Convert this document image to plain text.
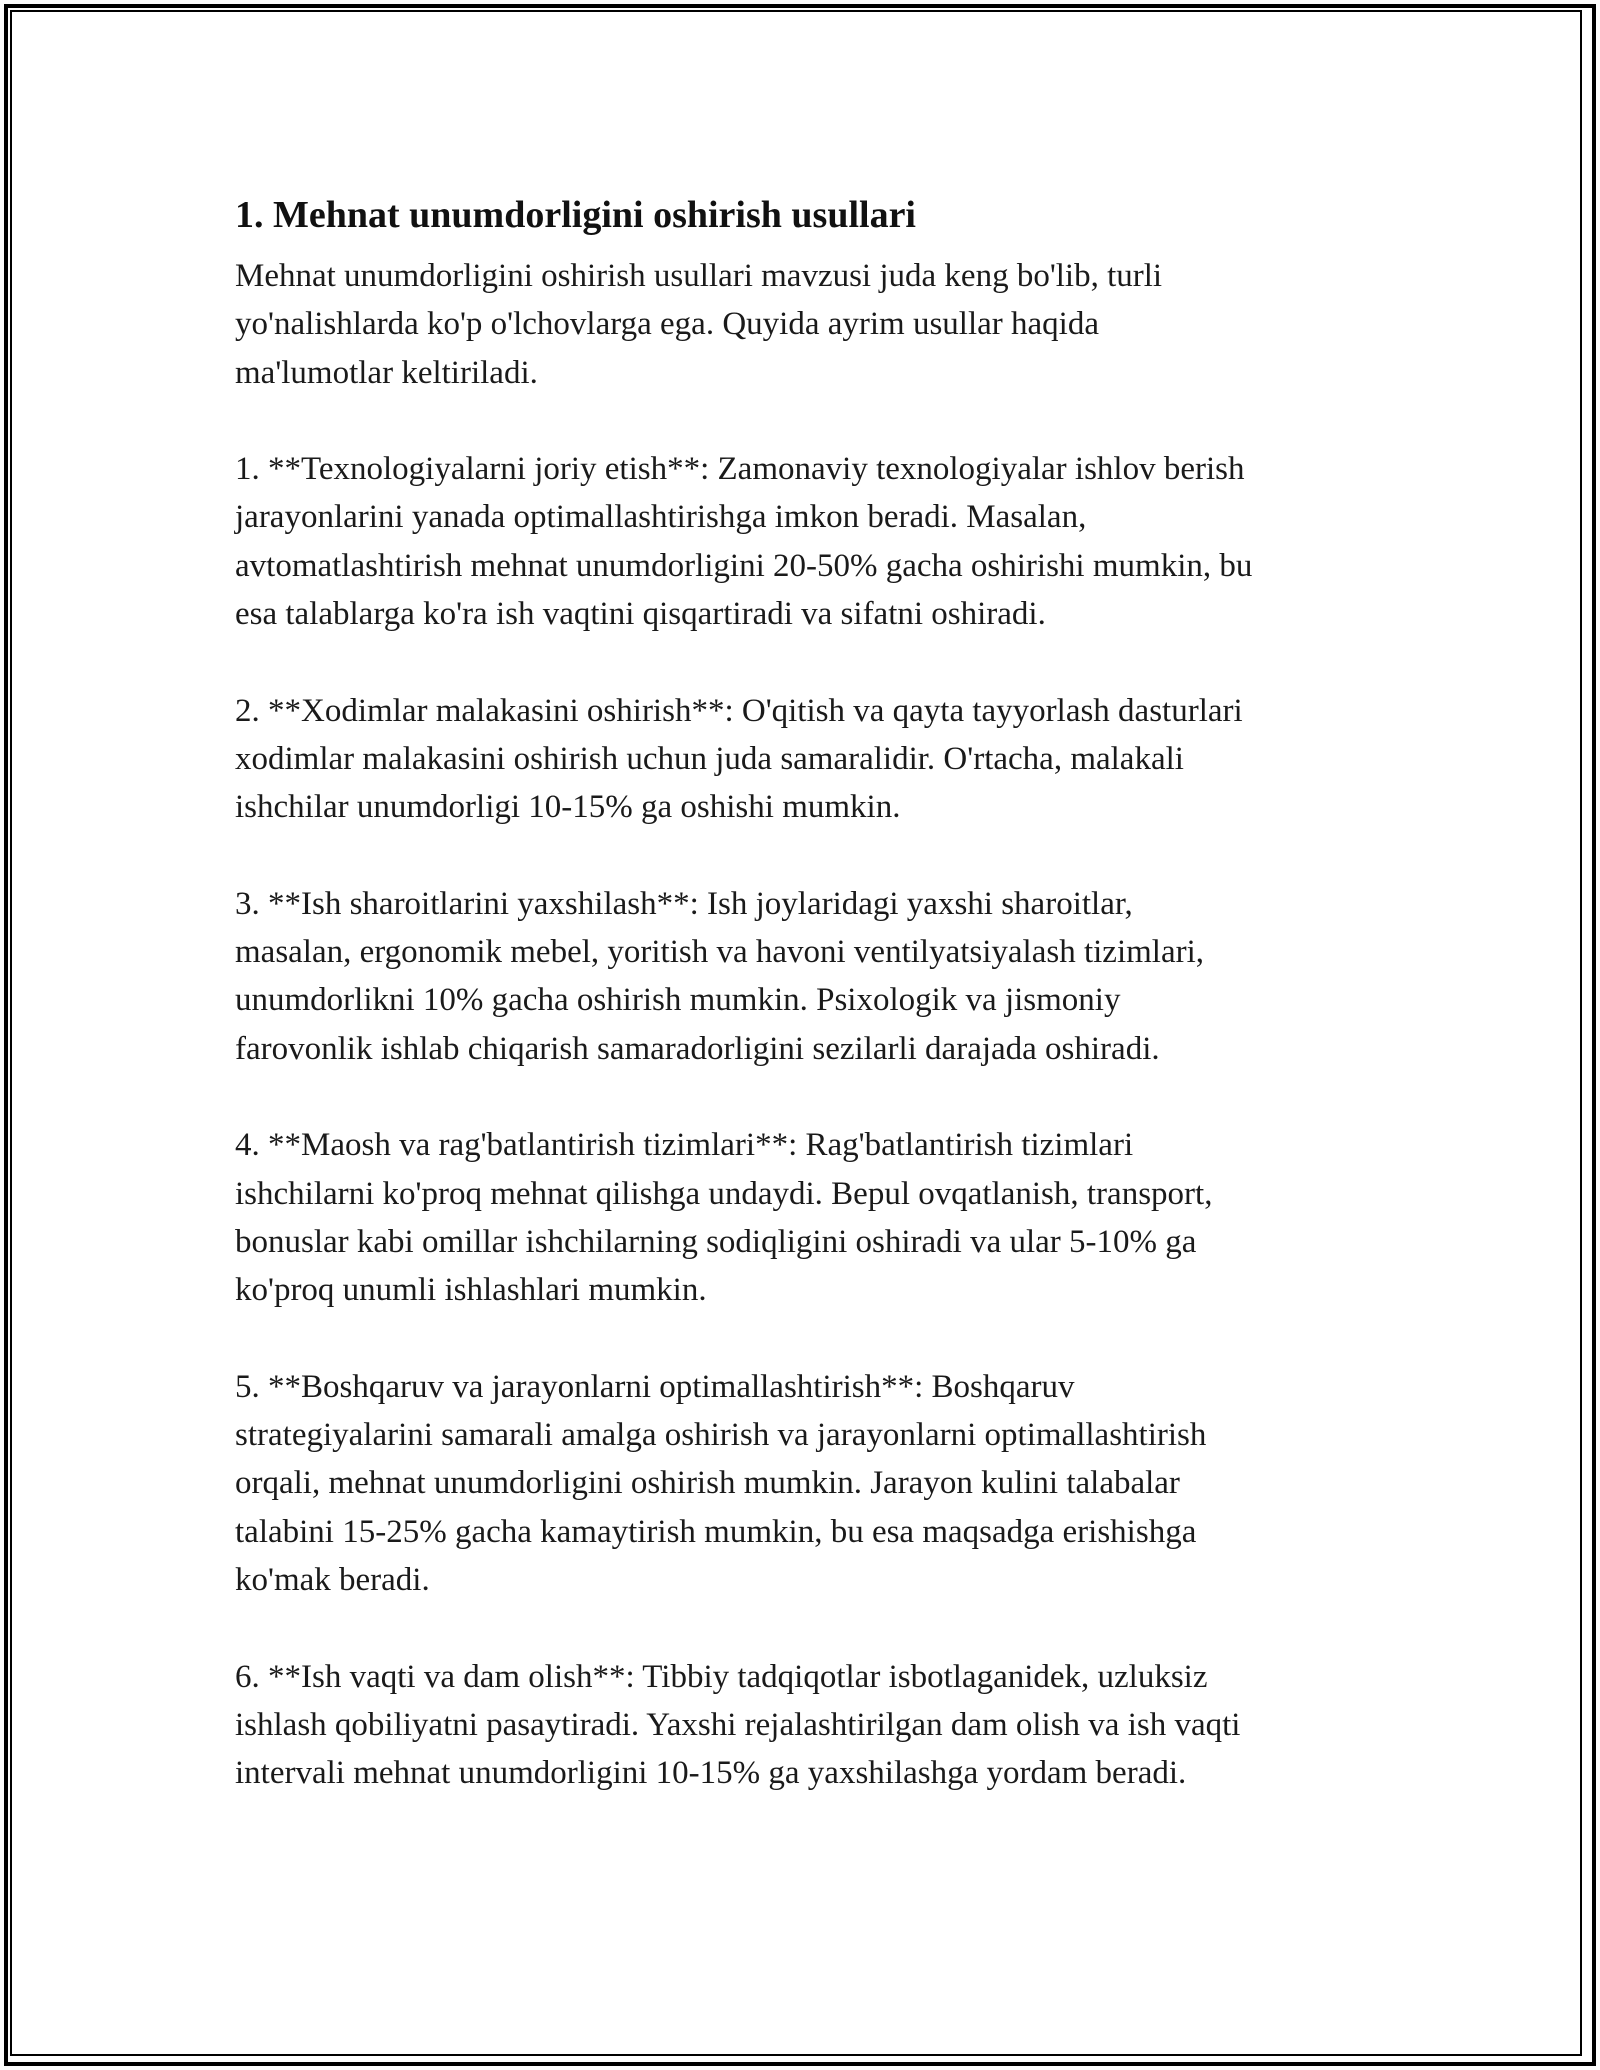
1. Mehnat unumdorligini oshirish usullari

Mehnat unumdorligini oshirish usullari mavzusi juda keng bo'lib, turli
yo'nalishlarda ko'p o'lchovlarga ega. Quyida ayrim usullar haqida
ma'lumotlar keltiriladi.

1. **Texnologiyalarni joriy etish**: Zamonaviy texnologiyalar ishlov berish
jarayonlarini yanada optimallashtirishga imkon beradi. Masalan,
avtomatlashtirish mehnat unumdorligini 20-50% gacha oshirishi mumkin, bu
esa talablarga ko'ra ish vaqtini qisqartiradi va sifatni oshiradi.

2. **Xodimlar malakasini oshirish**: O'qitish va qayta tayyorlash dasturlari
xodimlar malakasini oshirish uchun juda samaralidir. O'rtacha, malakali
ishchilar unumdorligi 10-15% ga oshishi mumkin.

3. **Ish sharoitlarini yaxshilash**: Ish joylaridagi yaxshi sharoitlar,
masalan, ergonomik mebel, yoritish va havoni ventilyatsiyalash tizimlari,
unumdorlikni 10% gacha oshirish mumkin. Psixologik va jismoniy
farovonlik ishlab chiqarish samaradorligini sezilarli darajada oshiradi.

4. **Maosh va rag'batlantirish tizimlari**: Rag'batlantirish tizimlari
ishchilarni ko'proq mehnat qilishga undaydi. Bepul ovqatlanish, transport,
bonuslar kabi omillar ishchilarning sodiqligini oshiradi va ular 5-10% ga
ko'proq unumli ishlashlari mumkin.

5. **Boshqaruv va jarayonlarni optimallashtirish**: Boshqaruv
strategiyalarini samarali amalga oshirish va jarayonlarni optimallashtirish
orqali, mehnat unumdorligini oshirish mumkin. Jarayon kulini talabalar
talabini 15-25% gacha kamaytirish mumkin, bu esa maqsadga erishishga
ko'mak beradi.

6. **Ish vaqti va dam olish**: Tibbiy tadqiqotlar isbotlaganidek, uzluksiz
ishlash qobiliyatni pasaytiradi. Yaxshi rejalashtirilgan dam olish va ish vaqti
intervali mehnat unumdorligini 10-15% ga yaxshilashga yordam beradi.
